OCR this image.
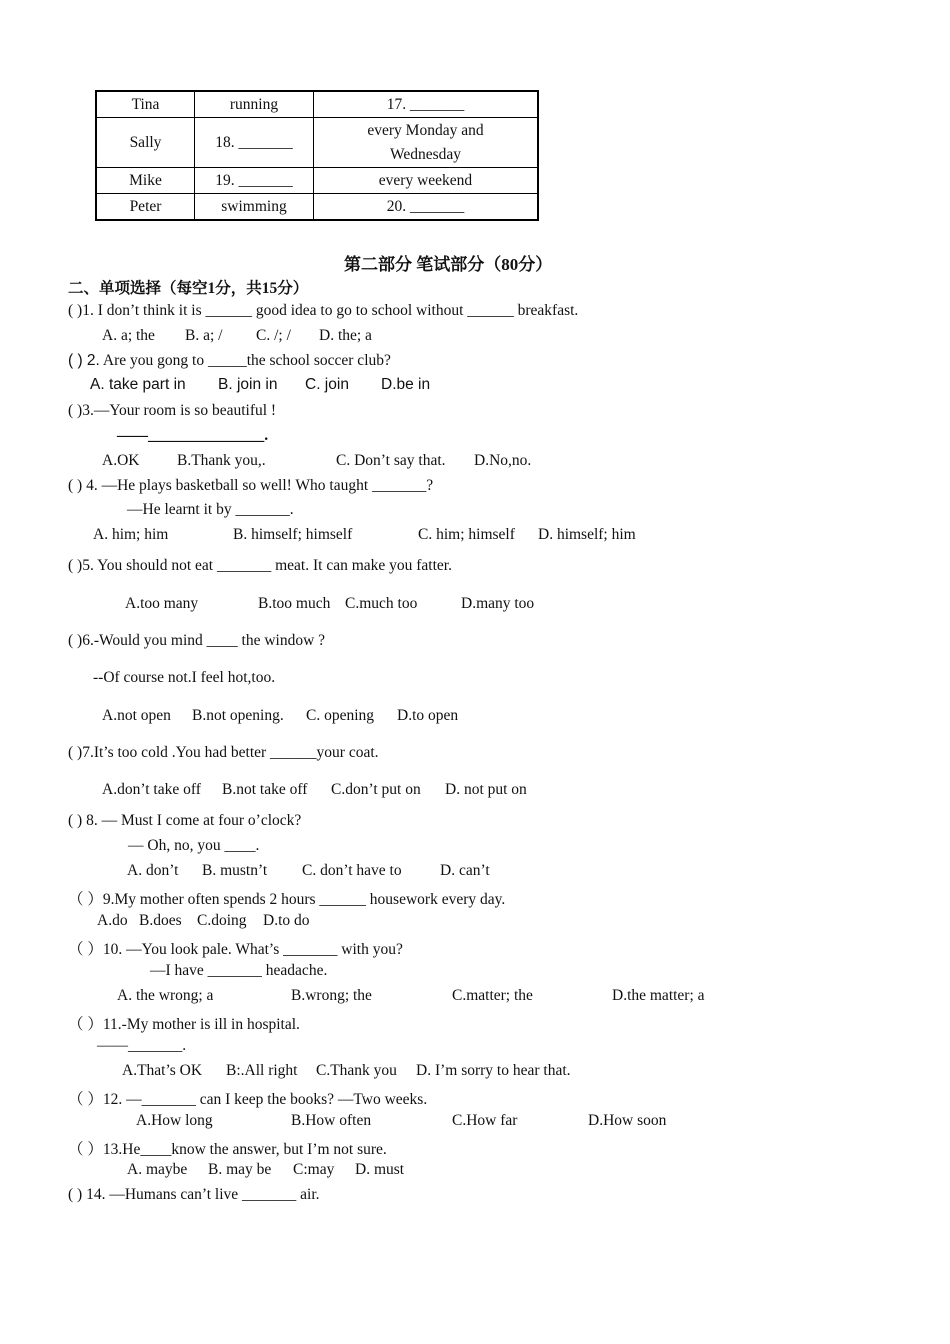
Tina	running	17. _______
Sally	18. _______	every Monday and
Wednesday

Mike	19. _______	every weekend
Peter	swimming	20. _______
第二部分 笔试部分（80分）
二、单项选择（每空1分，共15分）
( )1. I don’t think it is ______ good idea to go to school without ______ breakfast.
A. a; the B. a; / C. /; / D. the; a
( ) 2. Are you gong to _____the school soccer club?
A. take part in B. join in C. join D.be in
( )3.—Your room is so beautiful !
——_______________.
A.OK B.Thank you,.	C. Don’t say that. D.No,no.
( ) 4. —He plays basketball so well! Who taught _______?
—He learnt it by _______.
A. him; him	B. himself; himself	C. him; himself D. himself; him
( )5. You should not eat _______ meat. It can make you fatter.
A.too many	B.too much C.much too	D.many too
( )6.-Would you mind ____ the window ?
--Of course not.I feel hot,too.
A.not open B.not opening. C. opening D.to open
( )7.It’s too cold .You had better ______your coat.
A.don’t take off B.not take off C.don’t put on D. not put on
( ) 8. — Must I come at four o’clock?
— Oh, no, you ____.
A. don’t B. mustn’t C. don’t have to D. can’t
（ ）9.My mother often spends 2 hours ______ housework every day.
A.do B.does C.doing D.to do
（ ）10. —You look pale. What’s _______ with you?
—I have _______ headache.
A. the wrong; a	B.wrong; the	C.matter; the	D.the matter; a
（ ）11.-My mother is ill in hospital.
——_______.
A.That’s OK B:.All right C.Thank you D. I’m sorry to hear that.
（ ）12. —_______ can I keep the books? —Two weeks.
A.How long	B.How often	C.How far	D.How soon
（ ）13.He____know the answer, but I’m not sure.
A. maybe B. may be C:may D. must
( ) 14. —Humans can’t live _______ air.
